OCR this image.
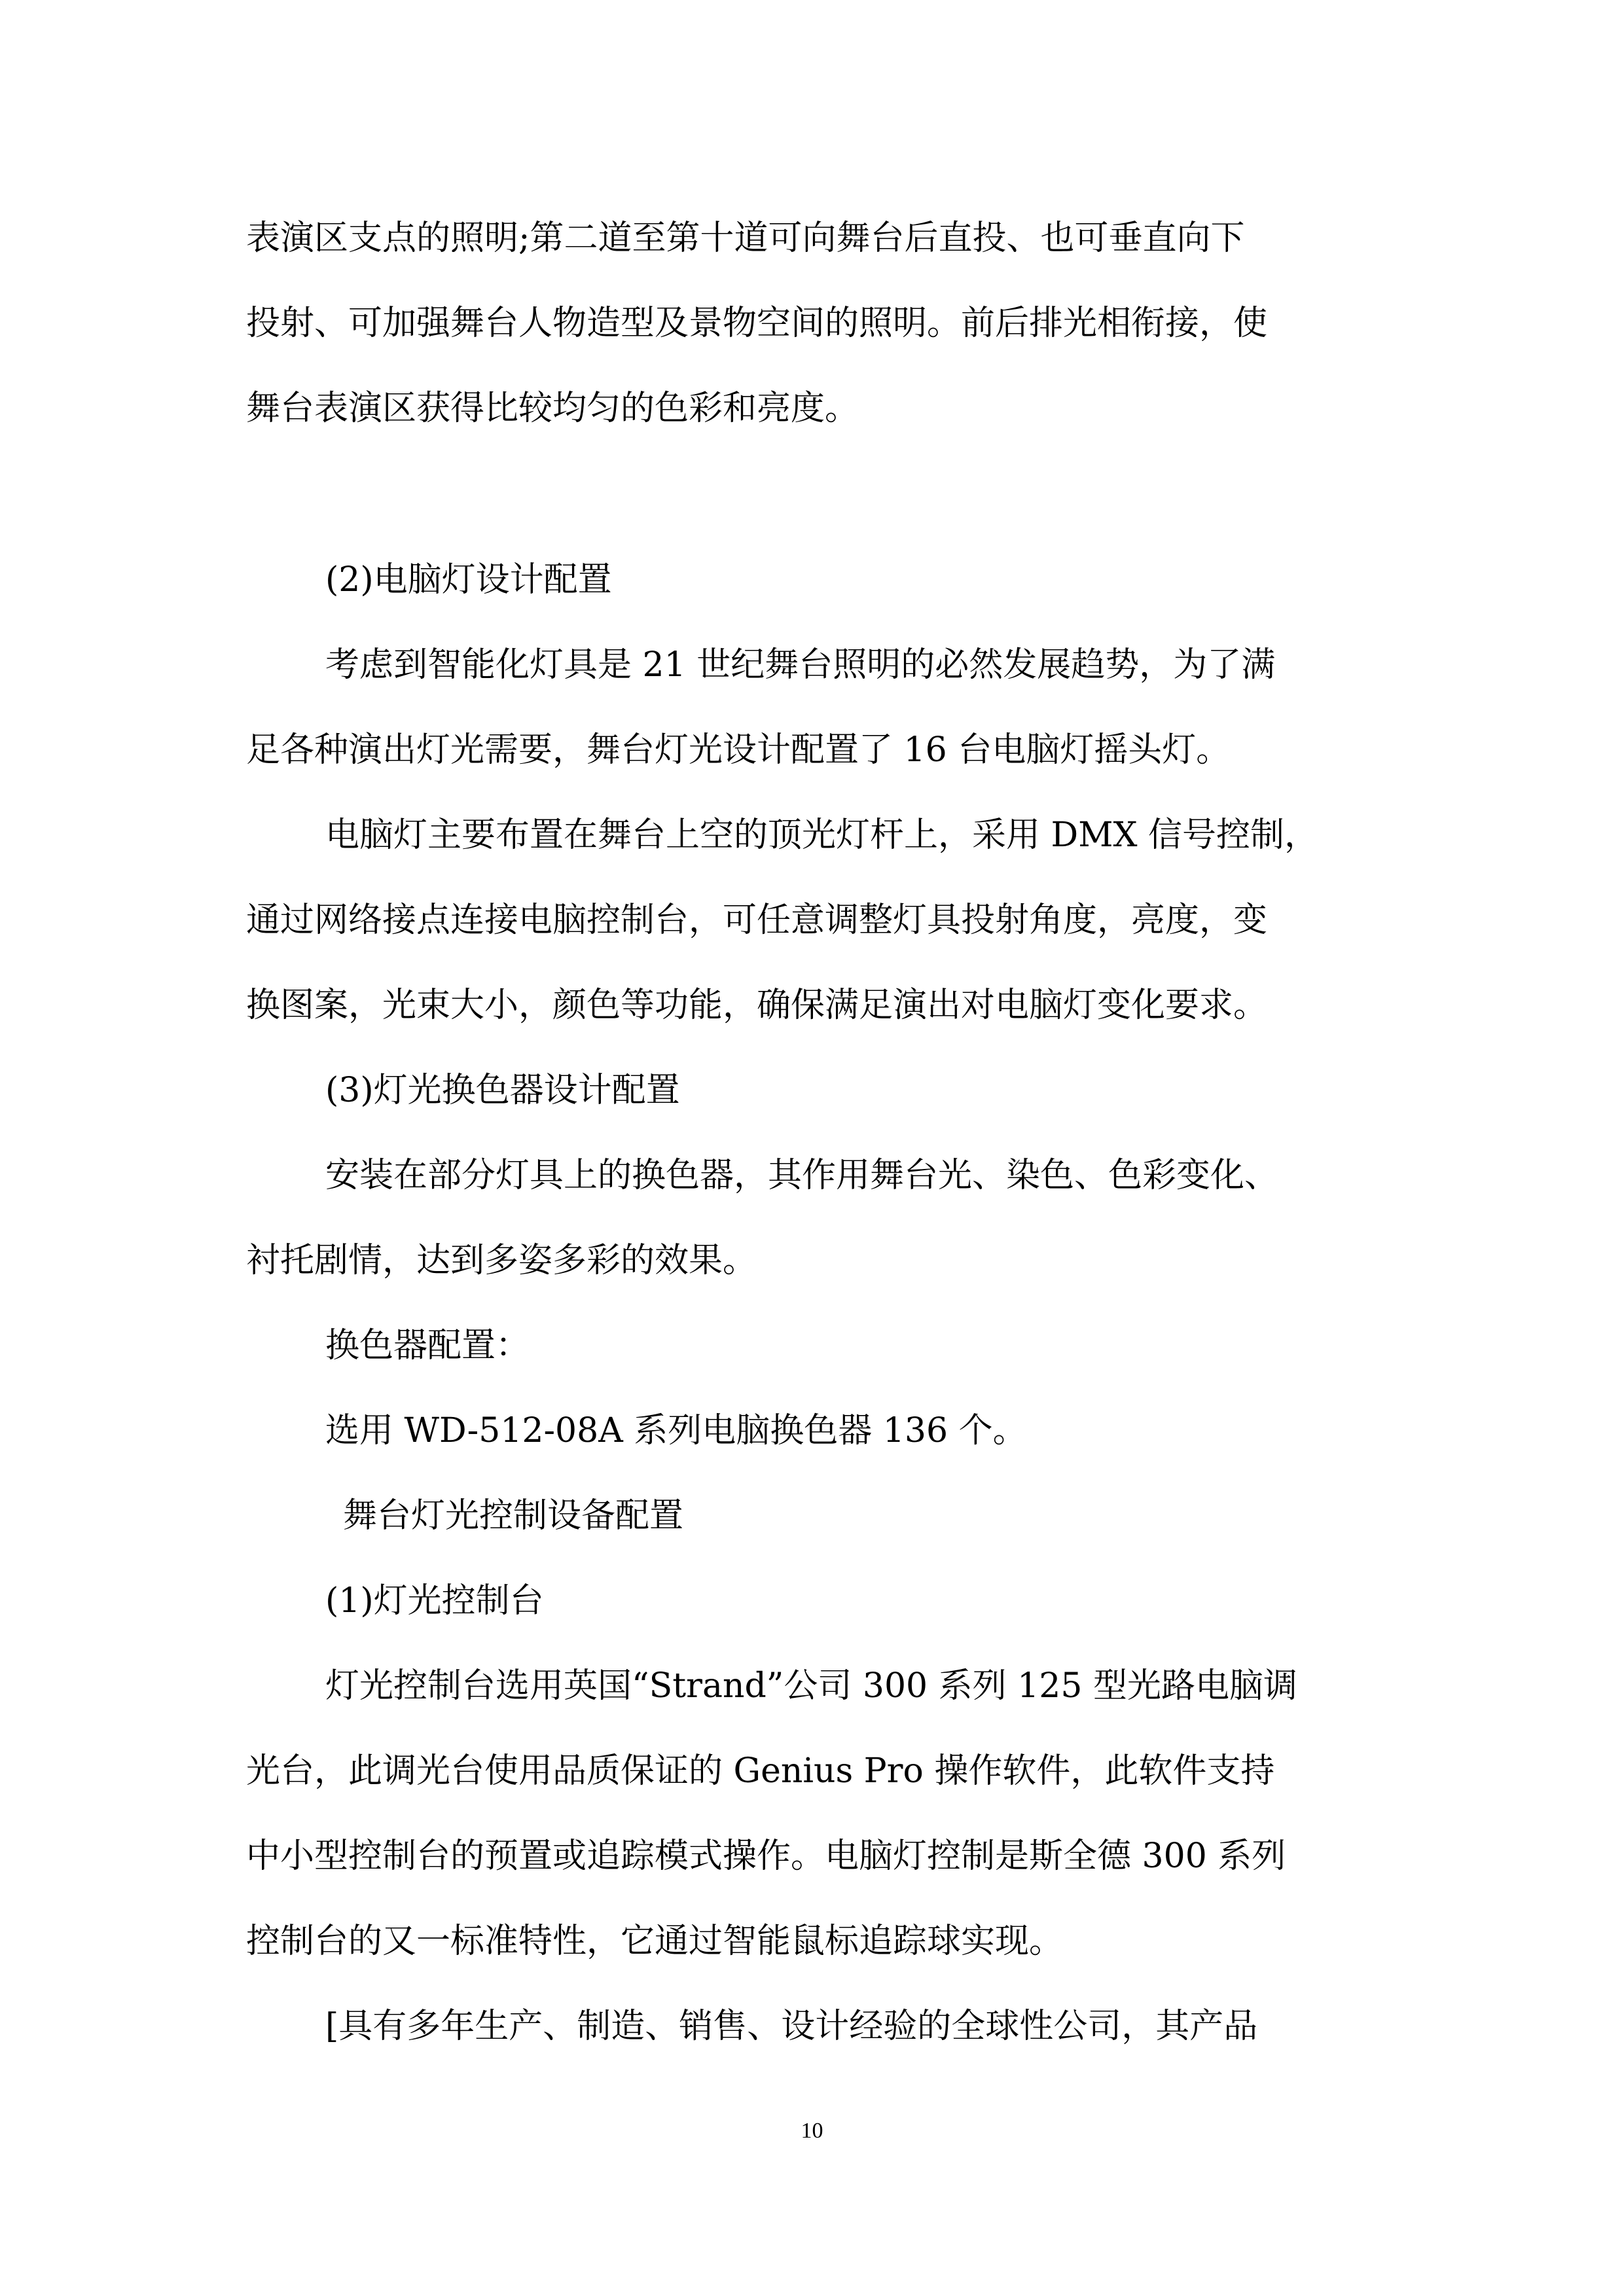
表演区支点的照明;第二道至第十道可向舞台后直投、也可垂直向下
投射、可加强舞台人物造型及景物空间的照明。前后排光相衔接，使
舞台表演区获得比较均匀的色彩和亮度。
(2)电脑灯设计配置
考虑到智能化灯具是 21 世纪舞台照明的必然发展趋势，为了满
足各种演出灯光需要，舞台灯光设计配置了 16 台电脑灯摇头灯。
电脑灯主要布置在舞台上空的顶光灯杆上，采用 DMX 信号控制，
通过网络接点连接电脑控制台，可任意调整灯具投射角度，亮度，变
换图案，光束大小，颜色等功能，确保满足演出对电脑灯变化要求。
(3)灯光换色器设计配置
安装在部分灯具上的换色器，其作用舞台光、染色、色彩变化、
衬托剧情，达到多姿多彩的效果。
换色器配置：
选用 WD-512-08A 系列电脑换色器 136 个。
舞台灯光控制设备配置
(1)灯光控制台
灯光控制台选用英国“Strand”公司 300 系列 125 型光路电脑调
光台，此调光台使用品质保证的 Genius Pro 操作软件，此软件支持
中小型控制台的预置或追踪模式操作。电脑灯控制是斯全德 300 系列
控制台的又一标准特性，它通过智能鼠标追踪球实现。
[具有多年生产、制造、销售、设计经验的全球性公司，其产品
10
